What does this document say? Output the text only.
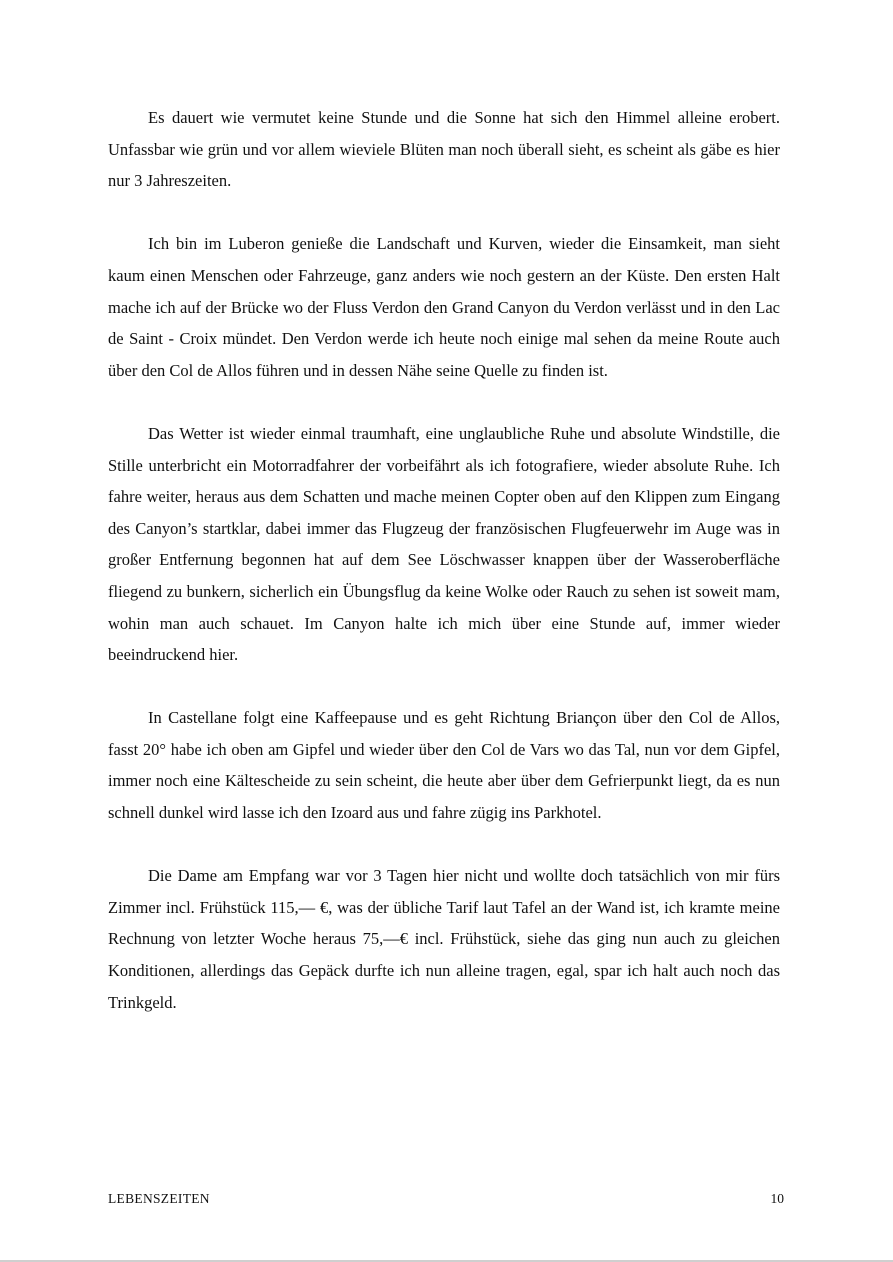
Es dauert wie vermutet keine Stunde und die Sonne hat sich den Himmel alleine erobert. Unfassbar wie grün und vor allem wieviele Blüten man noch überall sieht, es scheint als gäbe es hier nur 3 Jahreszeiten.

Ich bin im Luberon genieße die Landschaft und Kurven, wieder die Einsamkeit, man sieht kaum einen Menschen oder Fahrzeuge, ganz anders wie noch gestern an der Küste. Den ersten Halt mache ich auf der Brücke wo der Fluss Verdon den Grand Canyon du Verdon verlässt und in den Lac de Saint - Croix mündet. Den Verdon werde ich heute noch einige mal sehen da meine Route auch über den Col de Allos führen und in dessen Nähe seine Quelle zu finden ist.

Das Wetter ist wieder einmal traumhaft, eine unglaubliche Ruhe und absolute Windstille, die Stille unterbricht ein Motorradfahrer der vorbeifährt als ich fotografiere, wieder absolute Ruhe. Ich fahre weiter, heraus aus dem Schatten und mache meinen Copter oben auf den Klippen zum Eingang des Canyon’s startklar, dabei immer das Flugzeug der französischen Flugfeuerwehr im Auge was in großer Entfernung begonnen hat auf dem See Löschwasser knappen über der Wasseroberfläche fliegend zu bunkern, sicherlich ein Übungsflug da keine Wolke oder Rauch zu sehen ist soweit mam, wohin man auch schauet. Im Canyon halte ich mich über eine Stunde auf, immer wieder beeindruckend hier.

In Castellane folgt eine Kaffeepause und es geht Richtung Briançon über den Col de Allos, fasst 20° habe ich oben am Gipfel und wieder über den Col de Vars wo das Tal, nun vor dem Gipfel, immer noch eine Kältescheide zu sein scheint, die heute aber über dem Gefrierpunkt liegt, da es nun schnell dunkel wird lasse ich den Izoard aus und fahre zügig ins Parkhotel.

Die Dame am Empfang war vor 3 Tagen hier nicht und wollte doch tatsächlich von mir fürs Zimmer incl. Frühstück 115,— €, was der übliche Tarif laut Tafel an der Wand ist, ich kramte meine Rechnung von letzter Woche heraus 75,—€ incl. Frühstück, siehe das ging nun auch zu gleichen Konditionen, allerdings das Gepäck durfte ich nun alleine tragen, egal, spar ich halt auch noch das Trinkgeld.

LEBENSZEITEN	10
